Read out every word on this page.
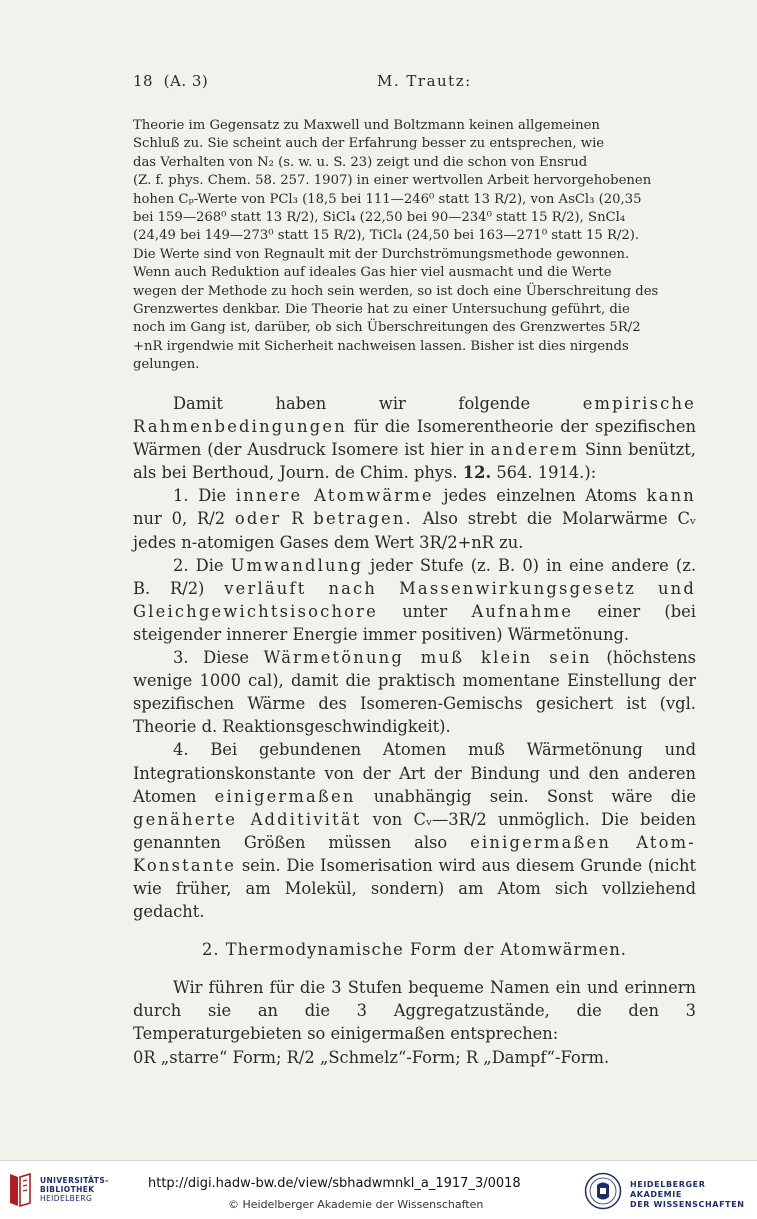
18 (A. 3)	M. Trautz:

Theorie im Gegensatz zu Maxwell und Boltzmann keinen allgemeinen

Schluß zu. Sie scheint auch der Erfahrung besser zu entsprechen, wie

das Verhalten von N₂ (s. w. u. S. 23) zeigt und die schon von Ensrud

(Z. f. phys. Chem. 58. 257. 1907) in einer wertvollen Arbeit hervorgehobenen

hohen Cₚ-Werte von PCl₃ (18,5 bei 111—246⁰ statt 13 R/2), von AsCl₃ (20,35

bei 159—268⁰ statt 13 R/2), SiCl₄ (22,50 bei 90—234⁰ statt 15 R/2), SnCl₄

(24,49 bei 149—273⁰ statt 15 R/2), TiCl₄ (24,50 bei 163—271⁰ statt 15 R/2).

Die Werte sind von Regnault mit der Durchströmungsmethode gewonnen.

Wenn auch Reduktion auf ideales Gas hier viel ausmacht und die Werte

wegen der Methode zu hoch sein werden, so ist doch eine Überschreitung des

Grenzwertes denkbar. Die Theorie hat zu einer Untersuchung geführt, die

noch im Gang ist, darüber, ob sich Überschreitungen des Grenzwertes 5R/2

+nR irgendwie mit Sicherheit nachweisen lassen. Bisher ist dies nirgends

gelungen.

Damit haben wir folgende	empirische Rahmenbedingungen für die Isomerentheorie der spezifischen Wärmen (der Ausdruck Isomere ist hier in anderem Sinn benützt, als bei Berthoud, Journ. de Chim. phys. 12. 564. 1914.):

1. Die innere Atomwärme jedes einzelnen Atoms kann nur 0, R/2 oder R betragen. Also strebt die Molarwärme Cᵥ jedes n-atomigen Gases dem Wert 3R/2+nR zu.

2. Die Umwandlung jeder Stufe (z. B. 0) in eine andere (z. B. R/2) verläuft nach Massenwirkungsgesetz und Gleichgewichtsisochore unter Aufnahme einer (bei steigender innerer Energie immer positiven) Wärmetönung.

3. Diese Wärmetönung muß klein sein (höchstens wenige 1000 cal), damit die praktisch momentane Einstellung der spezifischen Wärme des Isomeren-Gemischs gesichert ist (vgl. Theorie d. Reaktionsgeschwindigkeit).

4. Bei gebundenen Atomen muß Wärmetönung und Integrationskonstante von der Art der Bindung und den anderen Atomen einigermaßen unabhängig sein. Sonst wäre die genäherte Additivität von Cᵥ—3R/2 unmöglich. Die beiden genannten Größen müssen also einigermaßen Atom-Konstante sein. Die Isomerisation wird aus diesem Grunde (nicht wie früher, am Molekül, sondern) am Atom sich vollziehend gedacht.

2. Thermodynamische Form der Atomwärmen.

Wir führen für die 3 Stufen bequeme Namen ein und erinnern durch sie an die 3 Aggregatzustände, die den 3 Temperaturgebieten so einigermaßen entsprechen:

0R „starre“ Form; R/2 „Schmelz“-Form; R „Dampf“-Form.

UNIVERSITÄTS-
BIBLIOTHEK
HEIDELBERG
http://digi.hadw-bw.de/view/sbhadwmnkl_a_1917_3/0018
© Heidelberger Akademie der Wissenschaften
HEIDELBERGER AKADEMIE
DER WISSENSCHAFTEN
